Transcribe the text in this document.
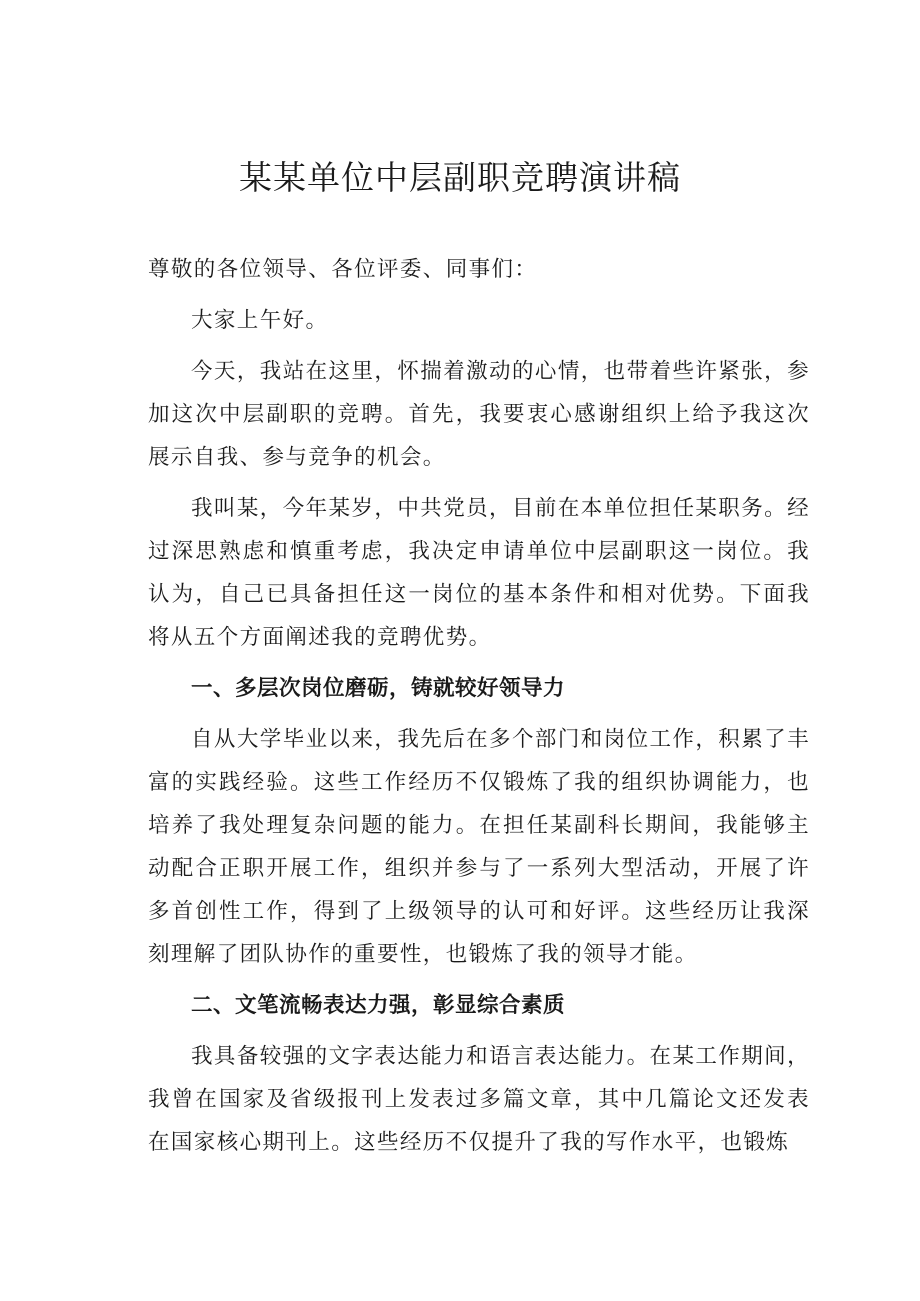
某某单位中层副职竞聘演讲稿

尊敬的各位领导、各位评委、同事们：

大家上午好。

今天，我站在这里，怀揣着激动的心情，也带着些许紧张，参加这次中层副职的竞聘。首先，我要衷心感谢组织上给予我这次展示自我、参与竞争的机会。

我叫某，今年某岁，中共党员，目前在本单位担任某职务。经过深思熟虑和慎重考虑，我决定申请单位中层副职这一岗位。我认为，自己已具备担任这一岗位的基本条件和相对优势。下面我将从五个方面阐述我的竞聘优势。

一、多层次岗位磨砺，铸就较好领导力

自从大学毕业以来，我先后在多个部门和岗位工作，积累了丰富的实践经验。这些工作经历不仅锻炼了我的组织协调能力，也培养了我处理复杂问题的能力。在担任某副科长期间，我能够主动配合正职开展工作，组织并参与了一系列大型活动，开展了许多首创性工作，得到了上级领导的认可和好评。这些经历让我深刻理解了团队协作的重要性，也锻炼了我的领导才能。

二、文笔流畅表达力强，彰显综合素质

我具备较强的文字表达能力和语言表达能力。在某工作期间，我曾在国家及省级报刊上发表过多篇文章，其中几篇论文还发表在国家核心期刊上。这些经历不仅提升了我的写作水平，也锻炼
